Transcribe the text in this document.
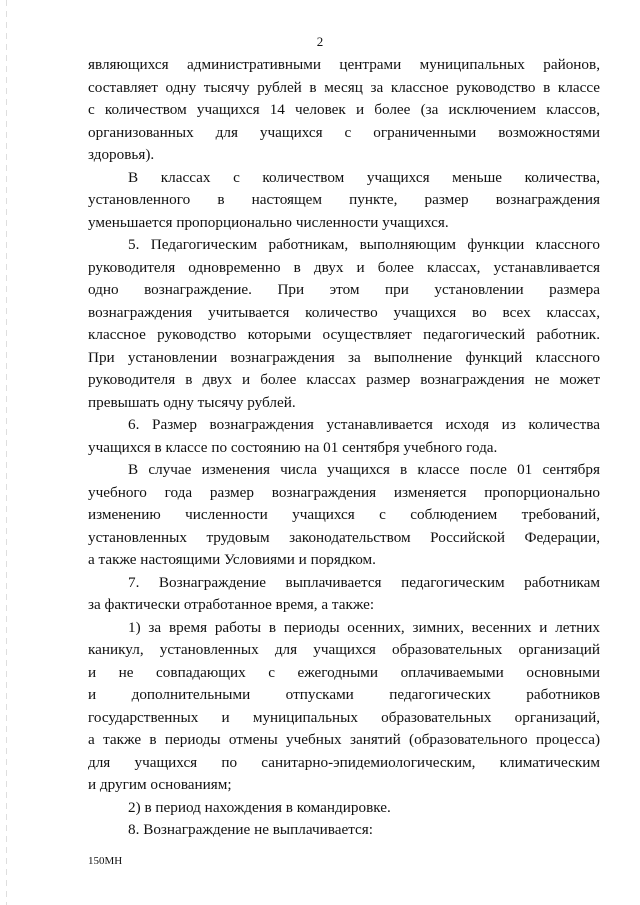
2
являющихся административными центрами муниципальных районов,
составляет одну тысячу рублей в месяц за классное руководство в классе
с количеством учащихся 14 человек и более (за исключением классов,
организованных для учащихся с ограниченными возможностями
здоровья).
В классах с количеством учащихся меньше количества,
установленного в настоящем пункте, размер вознаграждения
уменьшается пропорционально численности учащихся.
5. Педагогическим работникам, выполняющим функции классного
руководителя одновременно в двух и более классах, устанавливается
одно вознаграждение. При этом при установлении размера
вознаграждения учитывается количество учащихся во всех классах,
классное руководство которыми осуществляет педагогический работник.
При установлении вознаграждения за выполнение функций классного
руководителя в двух и более классах размер вознаграждения не может
превышать одну тысячу рублей.
6. Размер вознаграждения устанавливается исходя из количества
учащихся в классе по состоянию на 01 сентября учебного года.
В случае изменения числа учащихся в классе после 01 сентября
учебного года размер вознаграждения изменяется пропорционально
изменению численности учащихся с соблюдением требований,
установленных трудовым законодательством Российской Федерации,
а также настоящими Условиями и порядком.
7. Вознаграждение выплачивается педагогическим работникам
за фактически отработанное время, а также:
1) за время работы в периоды осенних, зимних, весенних и летних
каникул, установленных для учащихся образовательных организаций
и не совпадающих с ежегодными оплачиваемыми основными
и дополнительными отпусками педагогических работников
государственных и муниципальных образовательных организаций,
а также в периоды отмены учебных занятий (образовательного процесса)
для учащихся по санитарно-эпидемиологическим, климатическим
и другим основаниям;
2) в период нахождения в командировке.
8. Вознаграждение не выплачивается:
150МН
